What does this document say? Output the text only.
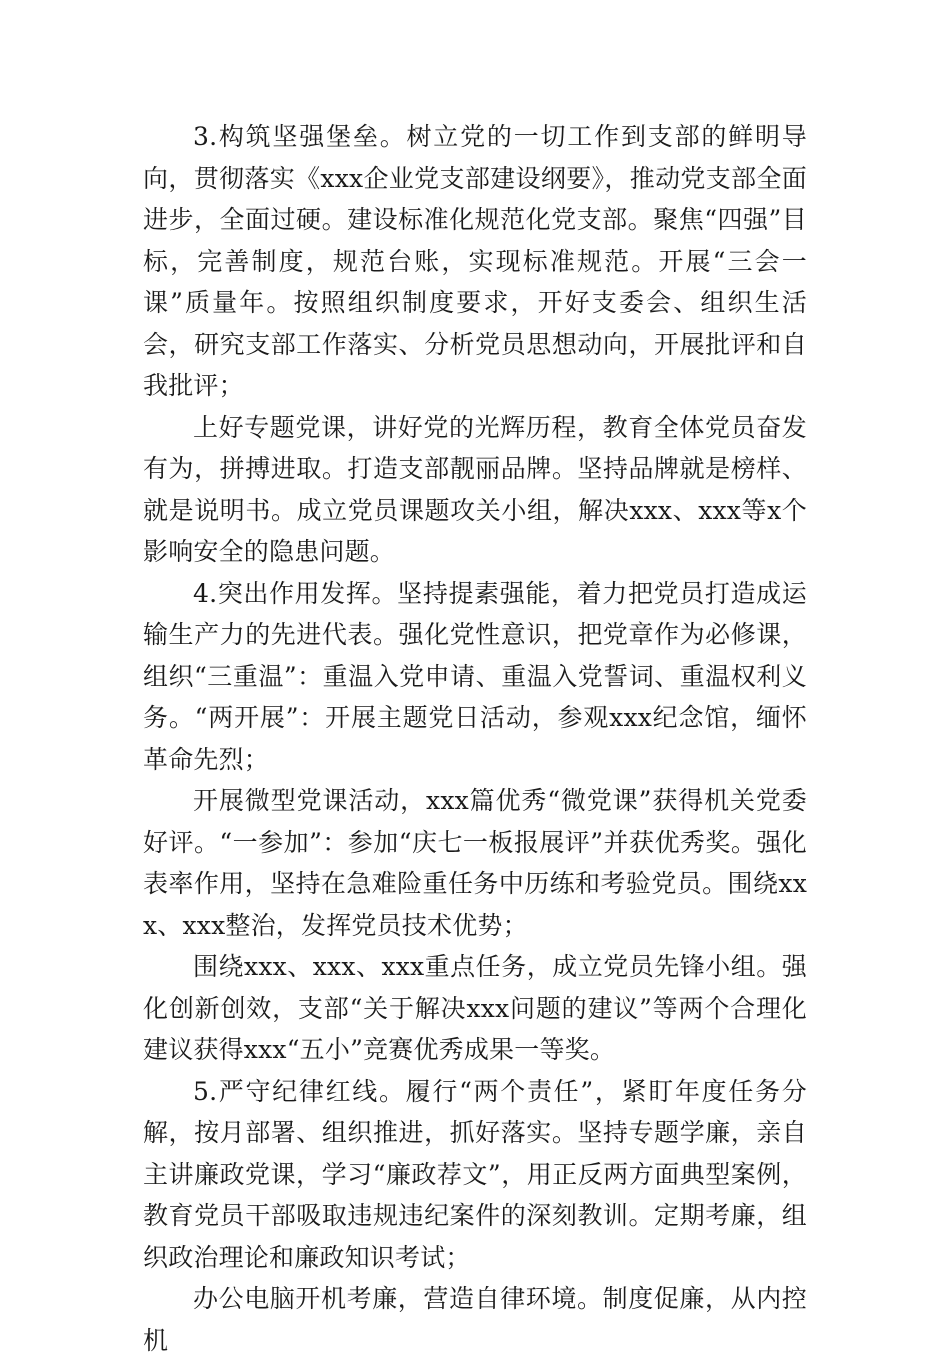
3.构筑坚强堡垒。树立党的一切工作到支部的鲜明导向，贯彻落实《xxx企业党支部建设纲要》，推动党支部全面进步，全面过硬。建设标准化规范化党支部。聚焦“四强”目标，完善制度，规范台账，实现标准规范。开展“三会一课”质量年。按照组织制度要求，开好支委会、组织生活会，研究支部工作落实、分析党员思想动向，开展批评和自我批评；

上好专题党课，讲好党的光辉历程，教育全体党员奋发有为，拼搏进取。打造支部靓丽品牌。坚持品牌就是榜样、就是说明书。成立党员课题攻关小组，解决xxx、xxx等x个影响安全的隐患问题。

4.突出作用发挥。坚持提素强能，着力把党员打造成运输生产力的先进代表。强化党性意识，把党章作为必修课，组织“三重温”：重温入党申请、重温入党誓词、重温权利义务。“两开展”：开展主题党日活动，参观xxx纪念馆，缅怀革命先烈；

开展微型党课活动，xxx篇优秀“微党课”获得机关党委好评。“一参加”：参加“庆七一板报展评”并获优秀奖。强化表率作用，坚持在急难险重任务中历练和考验党员。围绕xxx、xxx整治，发挥党员技术优势；

围绕xxx、xxx、xxx重点任务，成立党员先锋小组。强化创新创效，支部“关于解决xxx问题的建议”等两个合理化建议获得xxx“五小”竞赛优秀成果一等奖。

5.严守纪律红线。履行“两个责任”，紧盯年度任务分解，按月部署、组织推进，抓好落实。坚持专题学廉，亲自主讲廉政党课，学习“廉政荐文”，用正反两方面典型案例，教育党员干部吸取违规违纪案件的深刻教训。定期考廉，组织政治理论和廉政知识考试；

办公电脑开机考廉，营造自律环境。制度促廉，从内控机
